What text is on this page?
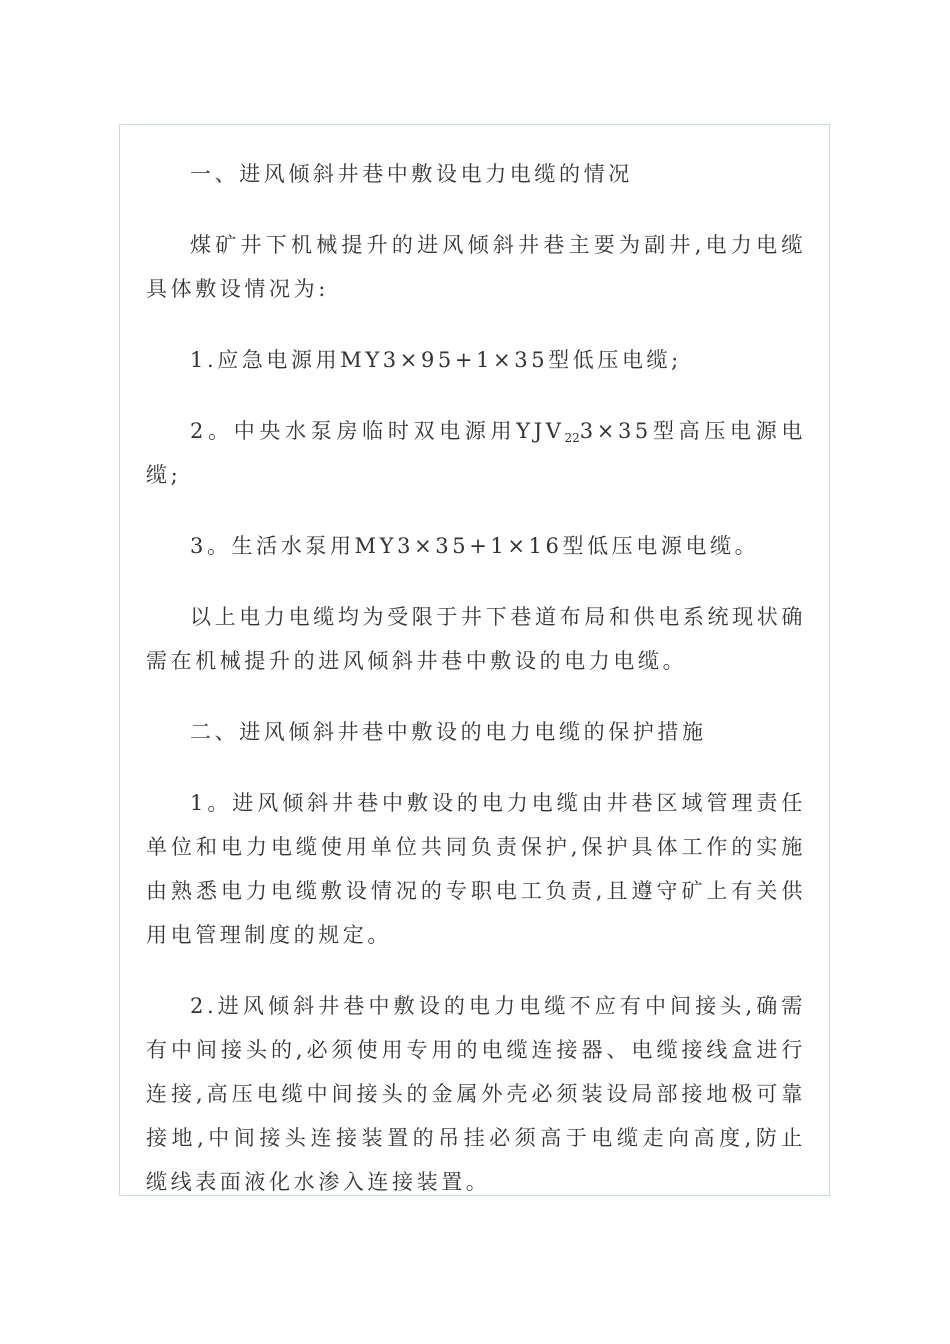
一、进风倾斜井巷中敷设电力电缆的情况

煤矿井下机械提升的进风倾斜井巷主要为副井,电力电缆具体敷设情况为:

1.应急电源用MY3×95+1×35型低压电缆;

2。中央水泵房临时双电源用$YJV_{22}3\times 35$型高压电源电缆;

3。生活水泵用MY3×35+1×16型低压电源电缆。

以上电力电缆均为受限于井下巷道布局和供电系统现状确需在机械提升的进风倾斜井巷中敷设的电力电缆。

二、进风倾斜井巷中敷设的电力电缆的保护措施

1。进风倾斜井巷中敷设的电力电缆由井巷区域管理责任单位和电力电缆使用单位共同负责保护,保护具体工作的实施由熟悉电力电缆敷设情况的专职电工负责,且遵守矿上有关供用电管理制度的规定。

2.进风倾斜井巷中敷设的电力电缆不应有中间接头,确需有中间接头的,必须使用专用的电缆连接器、电缆接线盒进行连接,高压电缆中间接头的金属外壳必须装设局部接地极可靠接地,中间接头连接装置的吊挂必须高于电缆走向高度,防止缆线表面液化水渗入连接装置。
